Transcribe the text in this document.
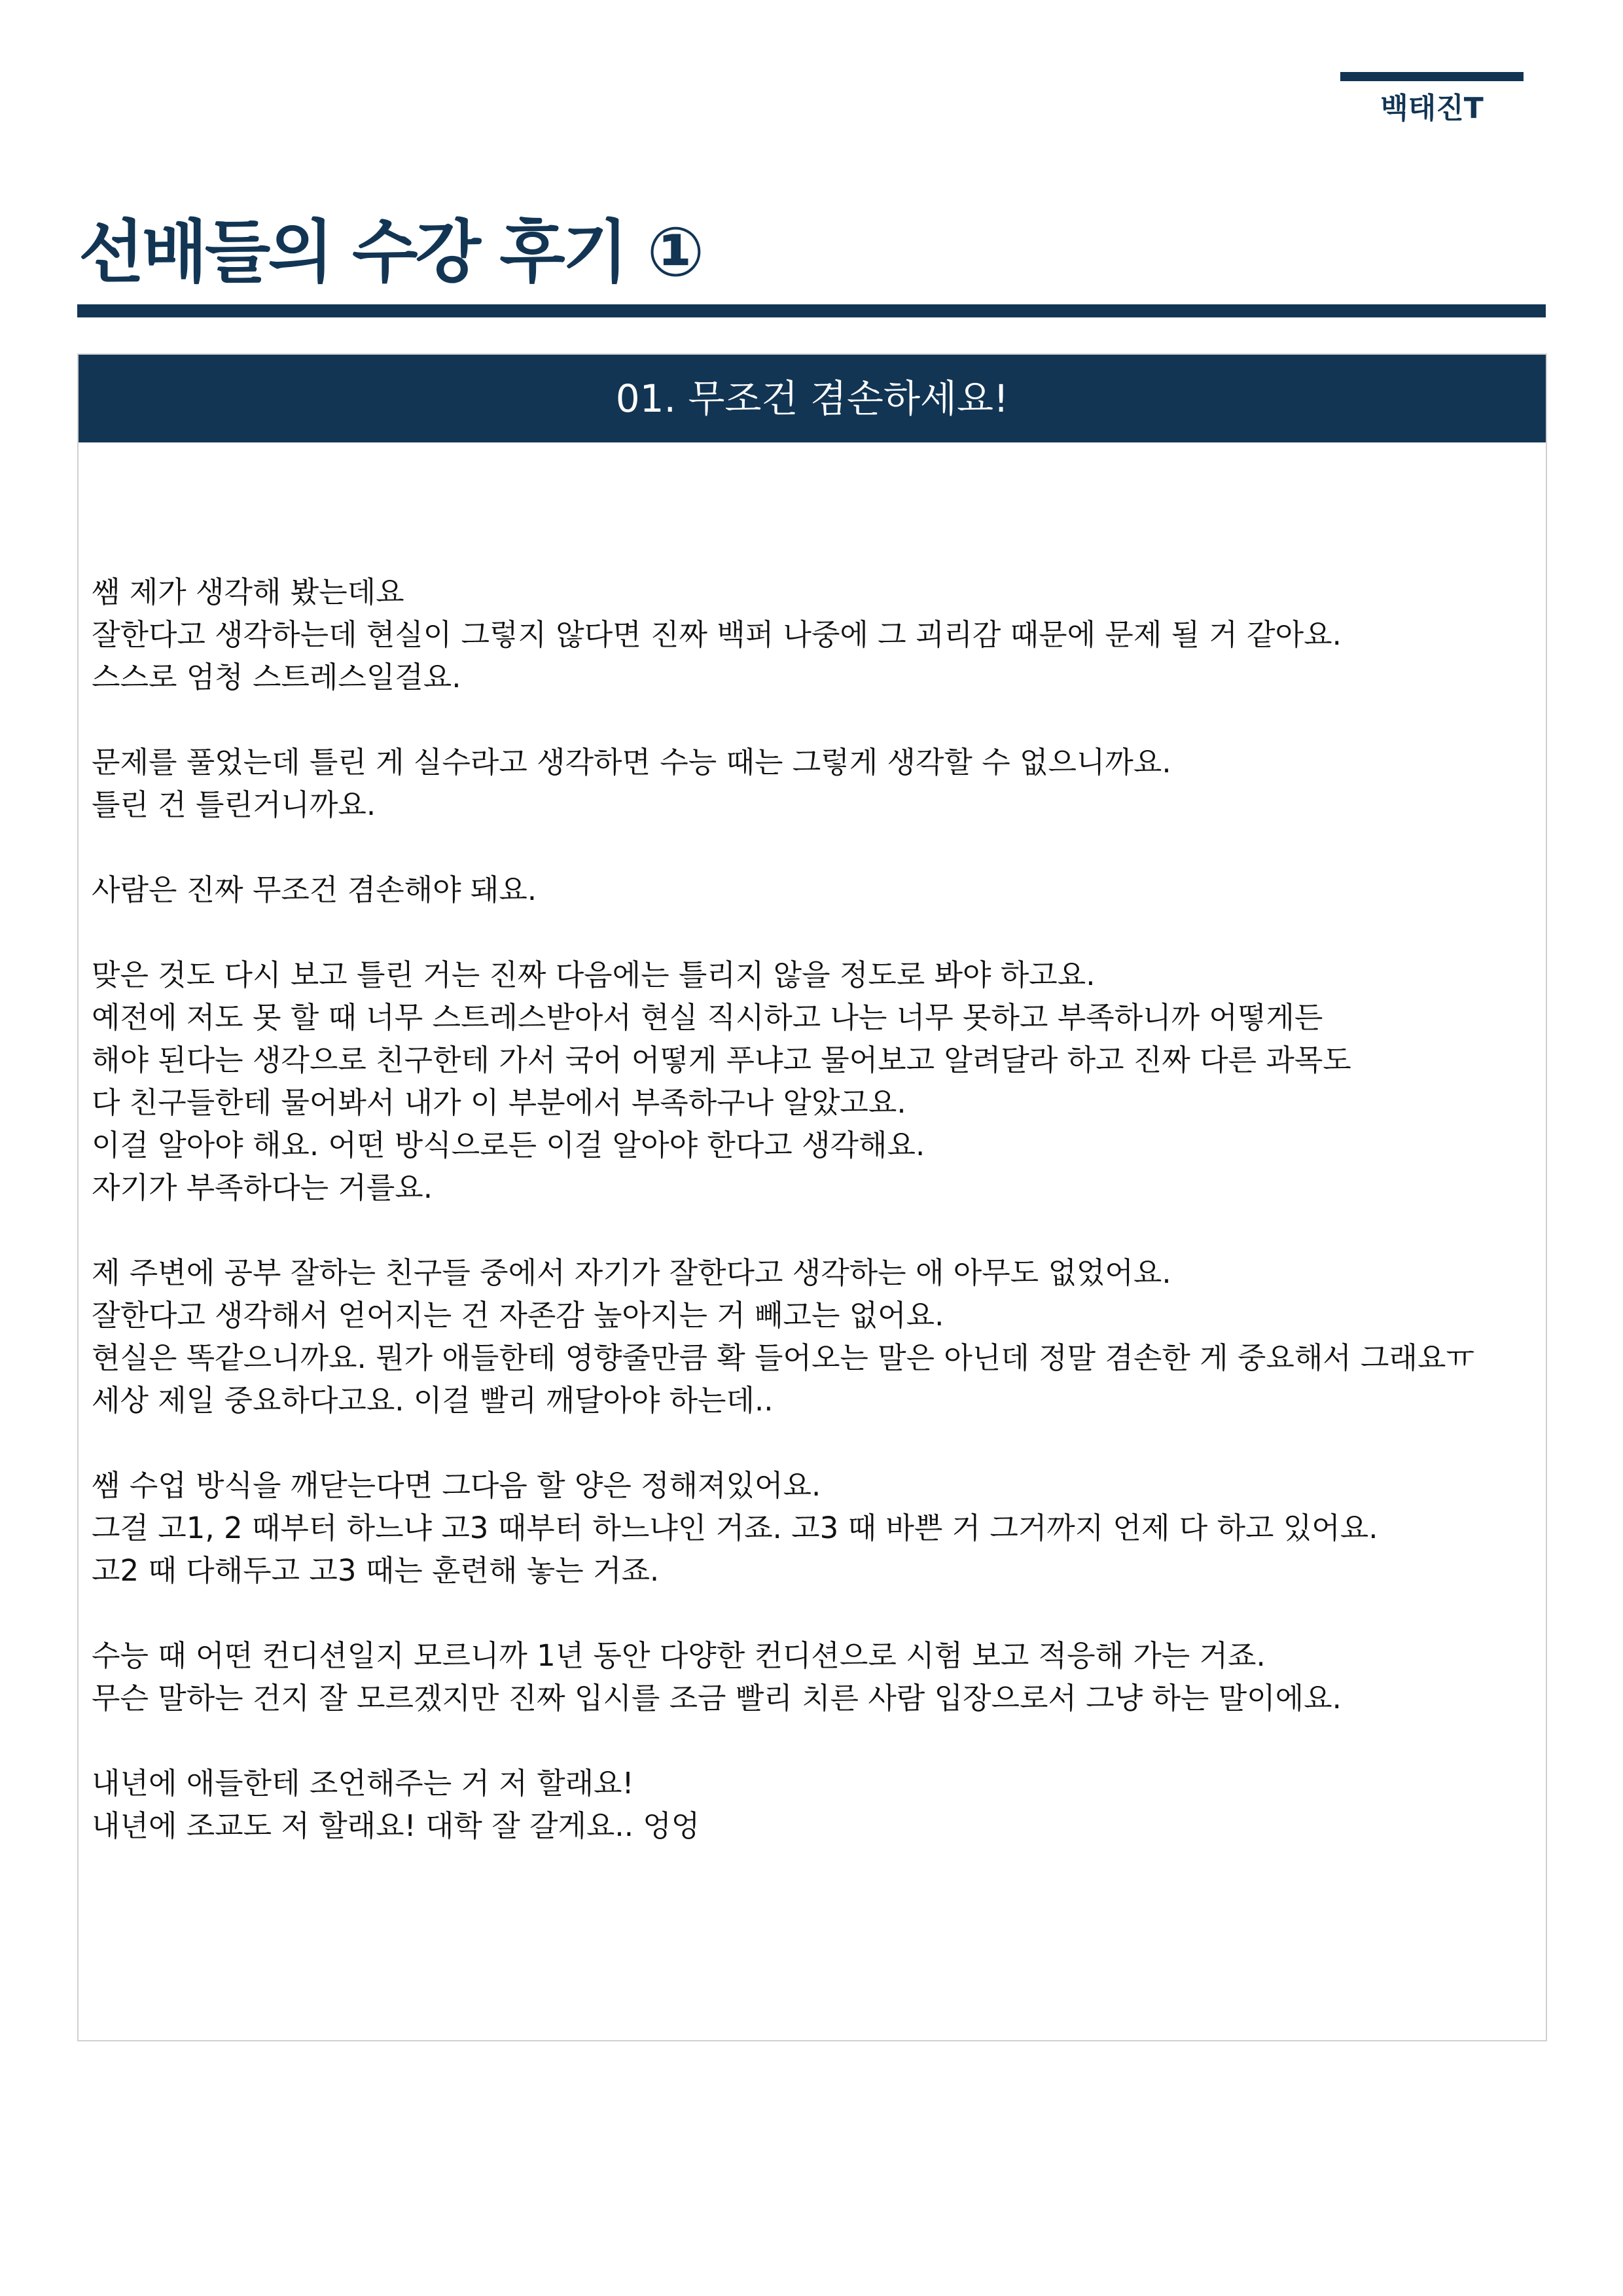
백태진T
선배들의 수강 후기 ①
01. 무조건 겸손하세요!
쌤 제가 생각해 봤는데요
잘한다고 생각하는데 현실이 그렇지 않다면 진짜 백퍼 나중에 그 괴리감 때문에 문제 될 거 같아요.
스스로 엄청 스트레스일걸요.
문제를 풀었는데 틀린 게 실수라고 생각하면 수능 때는 그렇게 생각할 수 없으니까요.
틀린 건 틀린거니까요.
사람은 진짜 무조건 겸손해야 돼요.
맞은 것도 다시 보고 틀린 거는 진짜 다음에는 틀리지 않을 정도로 봐야 하고요.
예전에 저도 못 할 때 너무 스트레스받아서 현실 직시하고 나는 너무 못하고 부족하니까 어떻게든
해야 된다는 생각으로 친구한테 가서 국어 어떻게 푸냐고 물어보고 알려달라 하고 진짜 다른 과목도
다 친구들한테 물어봐서 내가 이 부분에서 부족하구나 알았고요.
이걸 알아야 해요. 어떤 방식으로든 이걸 알아야 한다고 생각해요.
자기가 부족하다는 거를요.
제 주변에 공부 잘하는 친구들 중에서 자기가 잘한다고 생각하는 애 아무도 없었어요.
잘한다고 생각해서 얻어지는 건 자존감 높아지는 거 빼고는 없어요.
현실은 똑같으니까요. 뭔가 애들한테 영향줄만큼 확 들어오는 말은 아닌데 정말 겸손한 게 중요해서 그래요ㅠ
세상 제일 중요하다고요. 이걸 빨리 깨달아야 하는데..
쌤 수업 방식을 깨닫는다면 그다음 할 양은 정해져있어요.
그걸 고1, 2 때부터 하느냐 고3 때부터 하느냐인 거죠. 고3 때 바쁜 거 그거까지 언제 다 하고 있어요.
고2 때 다해두고 고3 때는 훈련해 놓는 거죠.
수능 때 어떤 컨디션일지 모르니까 1년 동안 다양한 컨디션으로 시험 보고 적응해 가는 거죠.
무슨 말하는 건지 잘 모르겠지만 진짜 입시를 조금 빨리 치른 사람 입장으로서 그냥 하는 말이에요.
내년에 애들한테 조언해주는 거 저 할래요!
내년에 조교도 저 할래요! 대학 잘 갈게요.. 엉엉
